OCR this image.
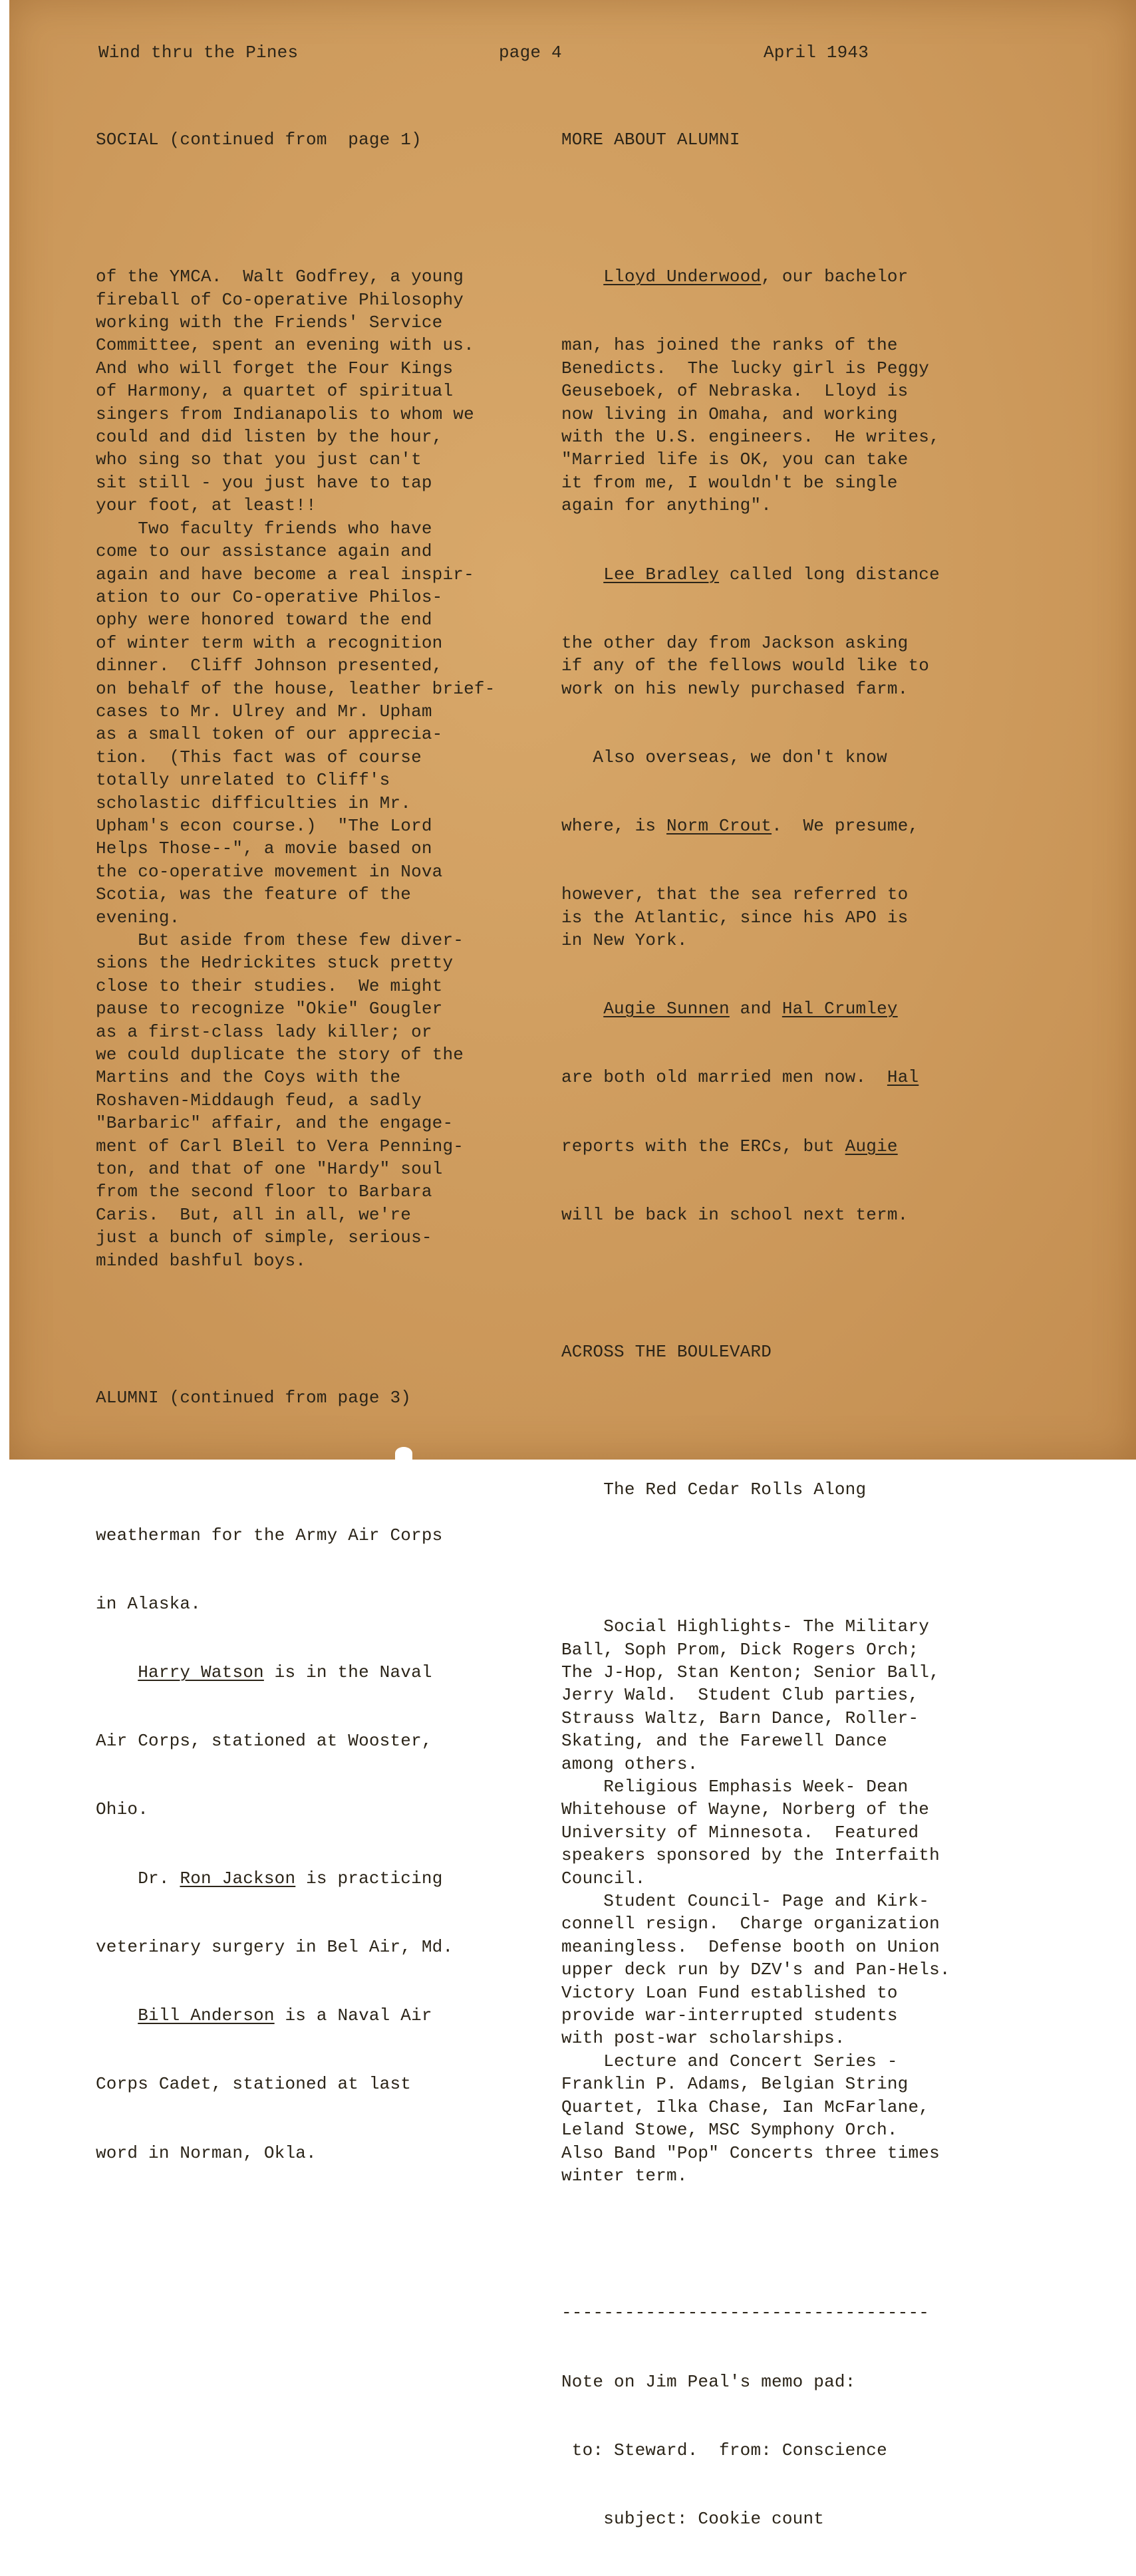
Wind thru the Pines	page 4	April 1943

SOCIAL (continued from  page 1)

of the YMCA.  Walt Godfrey, a young
fireball of Co-operative Philosophy
working with the Friends' Service
Committee, spent an evening with us.
And who will forget the Four Kings
of Harmony, a quartet of spiritual
singers from Indianapolis to whom we
could and did listen by the hour,
who sing so that you just can't
sit still - you just have to tap
your foot, at least!!
Two faculty friends who have
come to our assistance again and
again and have become a real inspir-
ation to our Co-operative Philos-
ophy were honored toward the end
of winter term with a recognition
dinner.  Cliff Johnson presented,
on behalf of the house, leather brief-
cases to Mr. Ulrey and Mr. Upham
as a small token of our apprecia-
tion.  (This fact was of course
totally unrelated to Cliff's
scholastic difficulties in Mr.
Upham's econ course.)  "The Lord
Helps Those--", a movie based on
the co-operative movement in Nova
Scotia, was the feature of the
evening.
But aside from these few diver-
sions the Hedrickites stuck pretty
close to their studies.  We might
pause to recognize "Okie" Gougler
as a first-class lady killer; or
we could duplicate the story of the
Martins and the Coys with the
Roshaven-Middaugh feud, a sadly
"Barbaric" affair, and the engage-
ment of Carl Bleil to Vera Penning-
ton, and that of one "Hardy" soul
from the second floor to Barbara
Caris.  But, all in all, we're
just a bunch of simple, serious-
minded bashful boys.

ALUMNI (continued from page 3)

weatherman for the Army Air Corps

in Alaska.

Harry Watson is in the Naval

Air Corps, stationed at Wooster,

Ohio.

Dr. Ron Jackson is practicing

veterinary surgery in Bel Air, Md.

Bill Anderson is a Naval Air

Corps Cadet, stationed at last

word in Norman, Okla.

MORE ABOUT ALUMNI

Lloyd Underwood, our bachelor

man, has joined the ranks of the
Benedicts.  The lucky girl is Peggy
Geuseboek, of Nebraska.  Lloyd is
now living in Omaha, and working
with the U.S. engineers.  He writes,
"Married life is OK, you can take
it from me, I wouldn't be single
again for anything".

Lee Bradley called long distance

the other day from Jackson asking
if any of the fellows would like to
work on his newly purchased farm.

Also overseas, we don't know

where, is Norm Crout.  We presume,

however, that the sea referred to
is the Atlantic, since his APO is
in New York.

Augie Sunnen and Hal Crumley

are both old married men now.  Hal

reports with the ERCs, but Augie

will be back in school next term.

ACROSS THE BOULEVARD

The Red Cedar Rolls Along

Social Highlights- The Military
Ball, Soph Prom, Dick Rogers Orch;
The J-Hop, Stan Kenton; Senior Ball,
Jerry Wald.  Student Club parties,
Strauss Waltz, Barn Dance, Roller-
Skating, and the Farewell Dance
among others.
Religious Emphasis Week- Dean
Whitehouse of Wayne, Norberg of the
University of Minnesota.  Featured
speakers sponsored by the Interfaith
Council.
Student Council- Page and Kirk-
connell resign.  Charge organization
meaningless.  Defense booth on Union
upper deck run by DZV's and Pan-Hels.
Victory Loan Fund established to
provide war-interrupted students
with post-war scholarships.
Lecture and Concert Series -
Franklin P. Adams, Belgian String
Quartet, Ilka Chase, Ian McFarlane,
Leland Stowe, MSC Symphony Orch.
Also Band "Pop" Concerts three times
winter term.

-----------------------------------

Note on Jim Peal's memo pad:

to: Steward.  from: Conscience

subject: Cookie count
